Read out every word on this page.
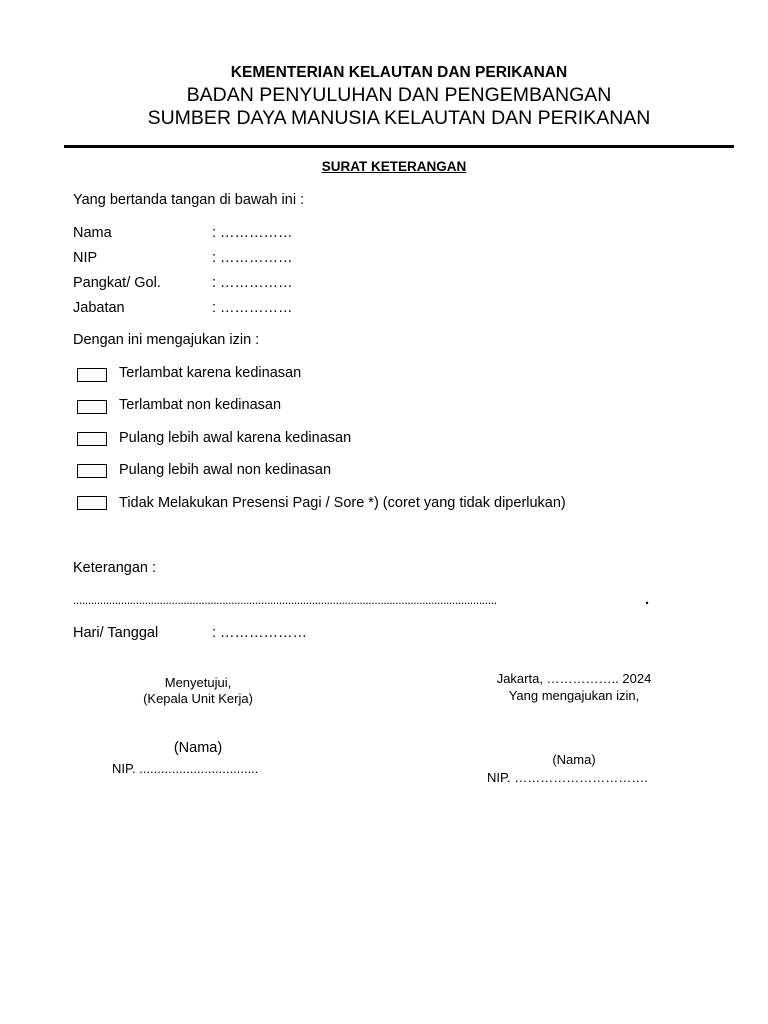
KEMENTERIAN KELAUTAN DAN PERIKANAN
BADAN PENYULUHAN DAN PENGEMBANGAN
SUMBER DAYA MANUSIA KELAUTAN DAN PERIKANAN
SURAT KETERANGAN
Yang bertanda tangan di bawah ini :
Nama	: ……………
NIP	: ……………
Pangkat/ Gol.	: ……………
Jabatan	: ……………
Dengan ini mengajukan izin :
Terlambat karena kedinasan
Terlambat non kedinasan
Pulang lebih awal karena kedinasan
Pulang lebih awal non kedinasan
Tidak Melakukan Presensi Pagi / Sore *) (coret yang tidak diperlukan)
Keterangan :
..............................................................................................................................................	.
Hari/ Tanggal	: ………………
Menyetujui,
(Kepala Unit Kerja)
(Nama)
NIP. .................................
Jakarta, …………….. 2024
Yang mengajukan izin,
(Nama)
NIP. ………………………….
